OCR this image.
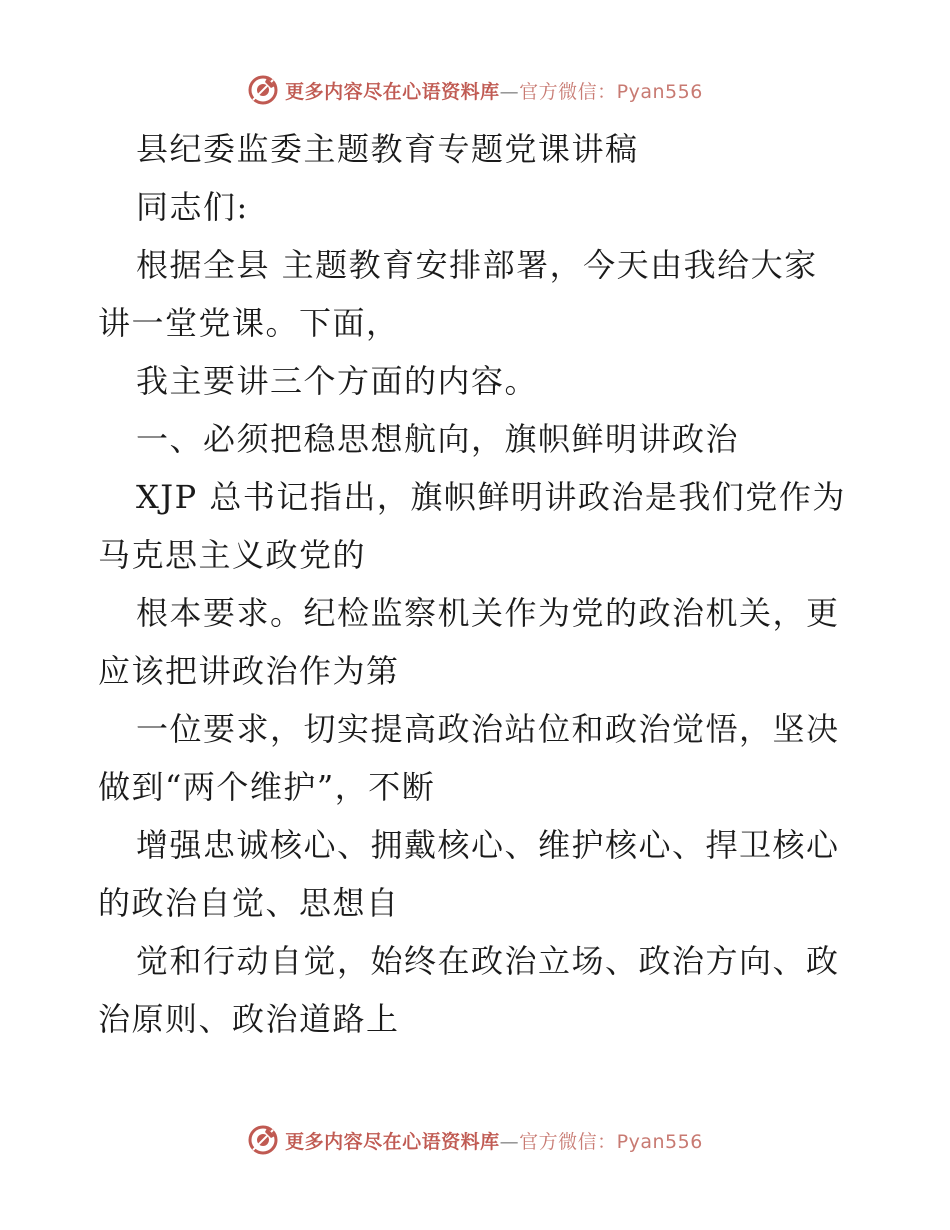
更多内容尽在心语资料库—官方微信：Pyan556
县纪委监委主题教育专题党课讲稿
同志们:
根据全县 主题教育安排部署，今天由我给大家
讲一堂党课。下面，
我主要讲三个方面的内容。
一、必须把稳思想航向，旗帜鲜明讲政治
XJP 总书记指出，旗帜鲜明讲政治是我们党作为
马克思主义政党的
根本要求。纪检监察机关作为党的政治机关，更
应该把讲政治作为第
一位要求，切实提高政治站位和政治觉悟，坚决
做到“两个维护”，不断
增强忠诚核心、拥戴核心、维护核心、捍卫核心
的政治自觉、思想自
觉和行动自觉，始终在政治立场、政治方向、政
治原则、政治道路上
更多内容尽在心语资料库—官方微信：Pyan556
